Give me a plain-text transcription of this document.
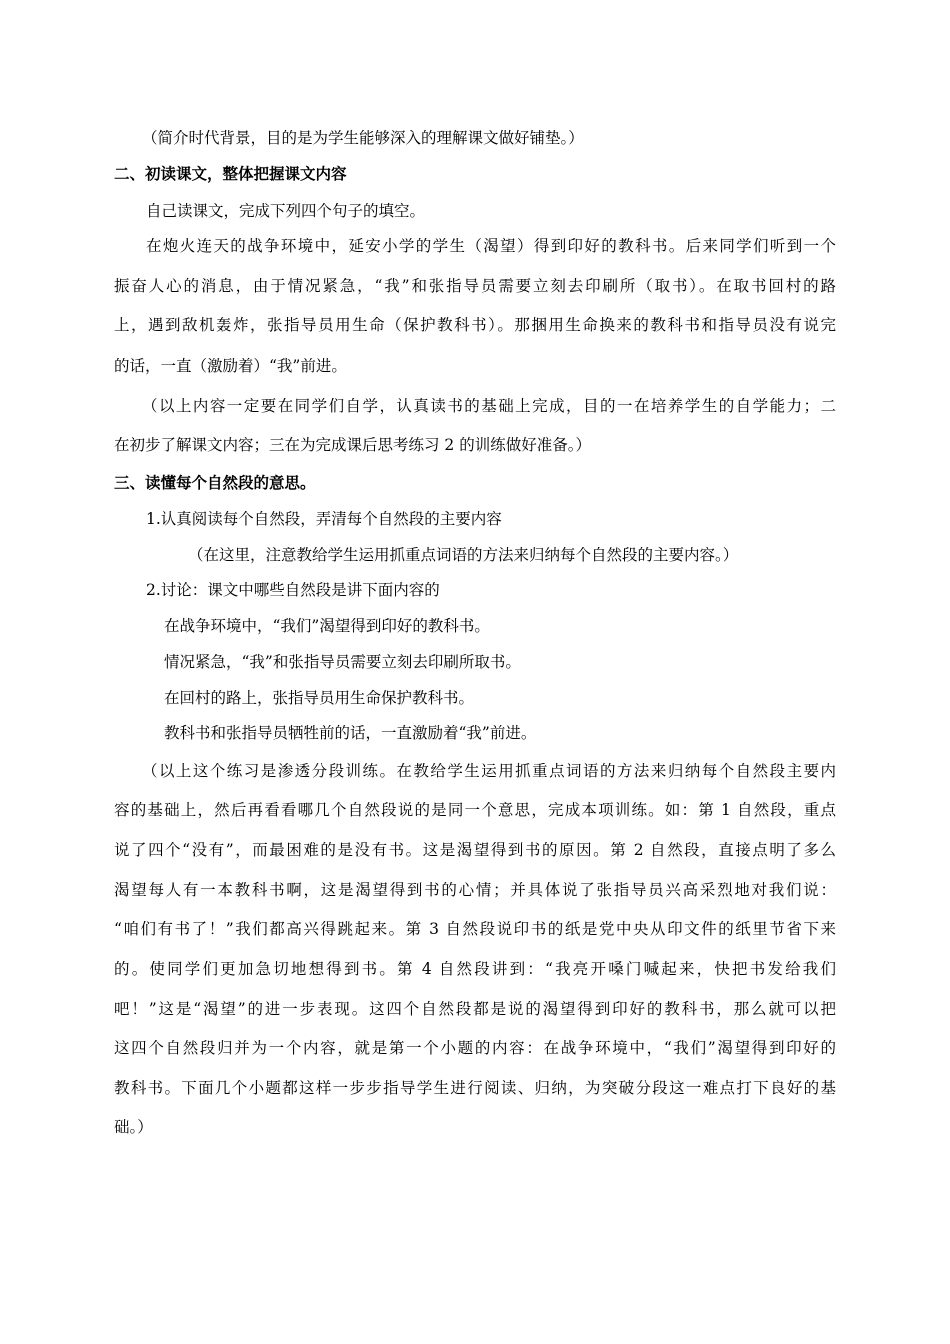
（简介时代背景，目的是为学生能够深入的理解课文做好铺垫。）
二、初读课文，整体把握课文内容
自己读课文，完成下列四个句子的填空。
在炮火连天的战争环境中，延安小学的学生（渴望）得到印好的教科书。后来同学们听到一个
振奋人心的消息，由于情况紧急，“我”和张指导员需要立刻去印刷所（取书）。在取书回村的路
上，遇到敌机轰炸，张指导员用生命（保护教科书）。那捆用生命换来的教科书和指导员没有说完
的话，一直（激励着）“我”前进。
（以上内容一定要在同学们自学，认真读书的基础上完成，目的一在培养学生的自学能力；二
在初步了解课文内容；三在为完成课后思考练习 2 的训练做好准备。）
三、读懂每个自然段的意思。
1.认真阅读每个自然段，弄清每个自然段的主要内容
（在这里，注意教给学生运用抓重点词语的方法来归纳每个自然段的主要内容。）
2.讨论：课文中哪些自然段是讲下面内容的
在战争环境中，“我们”渴望得到印好的教科书。
情况紧急，“我”和张指导员需要立刻去印刷所取书。
在回村的路上，张指导员用生命保护教科书。
教科书和张指导员牺牲前的话，一直激励着“我”前进。
（以上这个练习是渗透分段训练。在教给学生运用抓重点词语的方法来归纳每个自然段主要内
容的基础上，然后再看看哪几个自然段说的是同一个意思，完成本项训练。如：第 1 自然段，重点
说了四个“没有”，而最困难的是没有书。这是渴望得到书的原因。第 2 自然段，直接点明了多么
渴望每人有一本教科书啊，这是渴望得到书的心情；并具体说了张指导员兴高采烈地对我们说：
“咱们有书了！”我们都高兴得跳起来。第 3 自然段说印书的纸是党中央从印文件的纸里节省下来
的。使同学们更加急切地想得到书。第 4 自然段讲到：“我亮开嗓门喊起来，快把书发给我们
吧！”这是“渴望”的进一步表现。这四个自然段都是说的渴望得到印好的教科书，那么就可以把
这四个自然段归并为一个内容，就是第一个小题的内容：在战争环境中，“我们”渴望得到印好的
教科书。下面几个小题都这样一步步指导学生进行阅读、归纳，为突破分段这一难点打下良好的基
础。）
